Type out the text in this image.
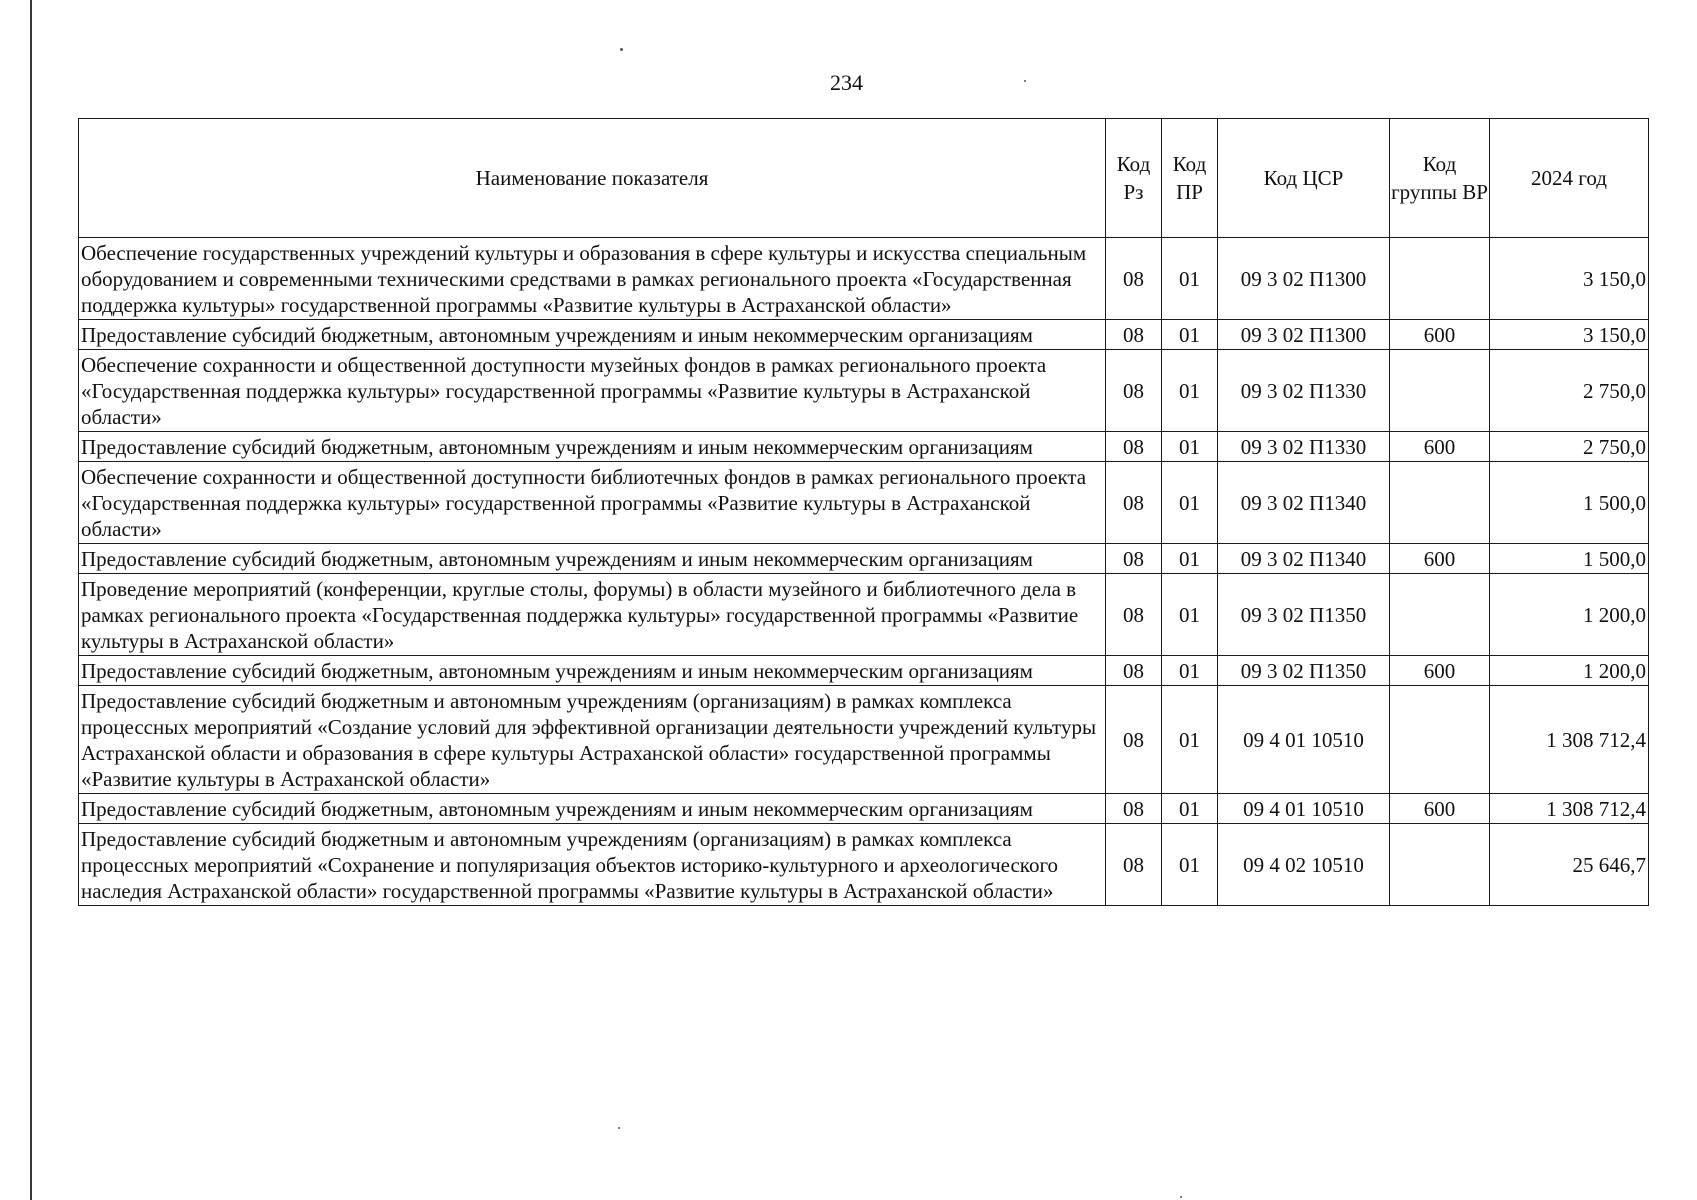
234
Наименование показателя	Код Рз	Код ПР	Код ЦСР	Код группы ВР	2024 год
Обеспечение государственных учреждений культуры и образования в сфере культуры и искусства специальным оборудованием и современными техническими средствами в рамках регионального проекта «Государственная поддержка культуры» государственной программы «Развитие культуры в Астраханской области»	08	01	09 3 02 П1300		3 150,0
Предоставление субсидий бюджетным, автономным учреждениям и иным некоммерческим организациям	08	01	09 3 02 П1300	600	3 150,0
Обеспечение сохранности и общественной доступности музейных фондов в рамках регионального проекта «Государственная поддержка культуры» государственной программы «Развитие культуры в Астраханской области»	08	01	09 3 02 П1330		2 750,0
Предоставление субсидий бюджетным, автономным учреждениям и иным некоммерческим организациям	08	01	09 3 02 П1330	600	2 750,0
Обеспечение сохранности и общественной доступности библиотечных фондов в рамках регионального проекта «Государственная поддержка культуры» государственной программы «Развитие культуры в Астраханской области»	08	01	09 3 02 П1340		1 500,0
Предоставление субсидий бюджетным, автономным учреждениям и иным некоммерческим организациям	08	01	09 3 02 П1340	600	1 500,0
Проведение мероприятий (конференции, круглые столы, форумы) в области музейного и библиотечного дела в рамках регионального проекта «Государственная поддержка культуры» государственной программы «Развитие культуры в Астраханской области»	08	01	09 3 02 П1350		1 200,0
Предоставление субсидий бюджетным, автономным учреждениям и иным некоммерческим организациям	08	01	09 3 02 П1350	600	1 200,0
Предоставление субсидий бюджетным и автономным учреждениям (организациям) в рамках комплекса процессных мероприятий «Создание условий для эффективной организации деятельности учреждений культуры Астраханской области и образования в сфере культуры Астраханской области» государственной программы «Развитие культуры в Астраханской области»	08	01	09 4 01 10510		1 308 712,4
Предоставление субсидий бюджетным, автономным учреждениям и иным некоммерческим организациям	08	01	09 4 01 10510	600	1 308 712,4
Предоставление субсидий бюджетным и автономным учреждениям (организациям) в рамках комплекса процессных мероприятий «Сохранение и популяризация объектов историко-культурного и археологического наследия Астраханской области» государственной программы «Развитие культуры в Астраханской области»	08	01	09 4 02 10510		25 646,7
